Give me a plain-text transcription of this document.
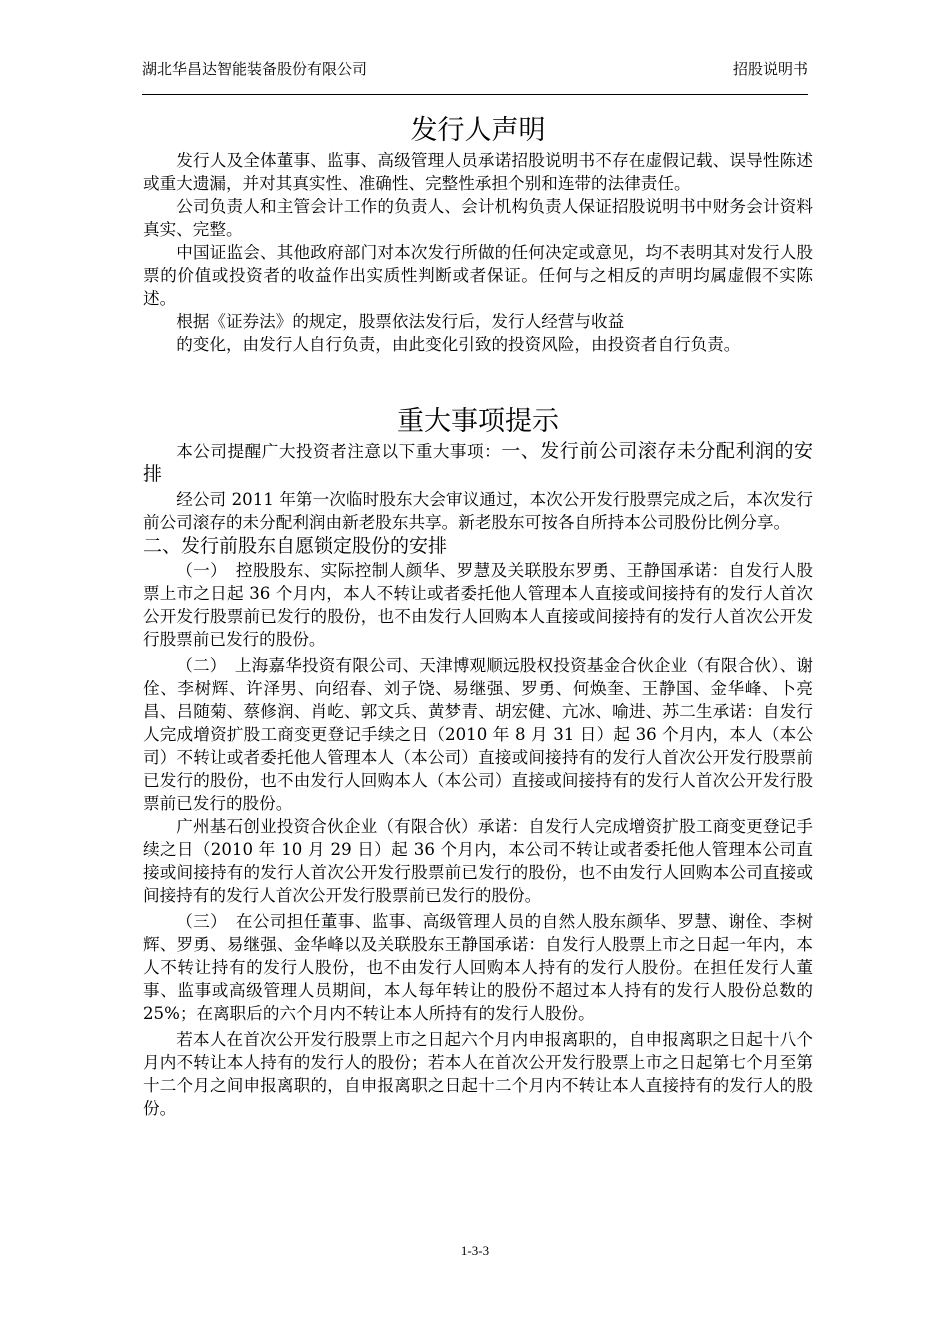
湖北华昌达智能装备股份有限公司	招股说明书
发行人声明

发行人及全体董事、监事、高级管理人员承诺招股说明书不存在虚假记载、误导性陈述或重大遗漏，并对其真实性、准确性、完整性承担个别和连带的法律责任。

公司负责人和主管会计工作的负责人、会计机构负责人保证招股说明书中财务会计资料真实、完整。

中国证监会、其他政府部门对本次发行所做的任何决定或意见，均不表明其对发行人股票的价值或投资者的收益作出实质性判断或者保证。任何与之相反的声明均属虚假不实陈述。

根据《证券法》的规定，股票依法发行后，发行人经营与收益

的变化，由发行人自行负责，由此变化引致的投资风险，由投资者自行负责。

重大事项提示

本公司提醒广大投资者注意以下重大事项：一、发行前公司滚存未分配利润的安排

经公司 2011 年第一次临时股东大会审议通过，本次公开发行股票完成之后，本次发行前公司滚存的未分配利润由新老股东共享。新老股东可按各自所持本公司股份比例分享。

二、发行前股东自愿锁定股份的安排

（一）　控股股东、实际控制人颜华、罗慧及关联股东罗勇、王静国承诺：自发行人股票上市之日起 36 个月内，本人不转让或者委托他人管理本人直接或间接持有的发行人首次公开发行股票前已发行的股份，也不由发行人回购本人直接或间接持有的发行人首次公开发行股票前已发行的股份。

（二）　上海嘉华投资有限公司、天津博观顺远股权投资基金合伙企业（有限合伙）、谢佺、李树辉、许泽男、向绍春、刘子饶、易继强、罗勇、何焕奎、王静国、金华峰、卜亮昌、吕随菊、蔡修润、肖屹、郭文兵、黄梦青、胡宏健、亢冰、喻进、苏二生承诺：自发行人完成增资扩股工商变更登记手续之日（2010 年 8 月 31 日）起 36 个月内，本人（本公司）不转让或者委托他人管理本人（本公司）直接或间接持有的发行人首次公开发行股票前已发行的股份，也不由发行人回购本人（本公司）直接或间接持有的发行人首次公开发行股票前已发行的股份。

广州基石创业投资合伙企业（有限合伙）承诺：自发行人完成增资扩股工商变更登记手续之日（2010 年 10 月 29 日）起 36 个月内，本公司不转让或者委托他人管理本公司直接或间接持有的发行人首次公开发行股票前已发行的股份，也不由发行人回购本公司直接或间接持有的发行人首次公开发行股票前已发行的股份。

（三）　在公司担任董事、监事、高级管理人员的自然人股东颜华、罗慧、谢佺、李树辉、罗勇、易继强、金华峰以及关联股东王静国承诺：自发行人股票上市之日起一年内，本人不转让持有的发行人股份，也不由发行人回购本人持有的发行人股份。在担任发行人董事、监事或高级管理人员期间，本人每年转让的股份不超过本人持有的发行人股份总数的 25%；在离职后的六个月内不转让本人所持有的发行人股份。

若本人在首次公开发行股票上市之日起六个月内申报离职的，自申报离职之日起十八个月内不转让本人持有的发行人的股份；若本人在首次公开发行股票上市之日起第七个月至第十二个月之间申报离职的，自申报离职之日起十二个月内不转让本人直接持有的发行人的股份。

1-3-3
